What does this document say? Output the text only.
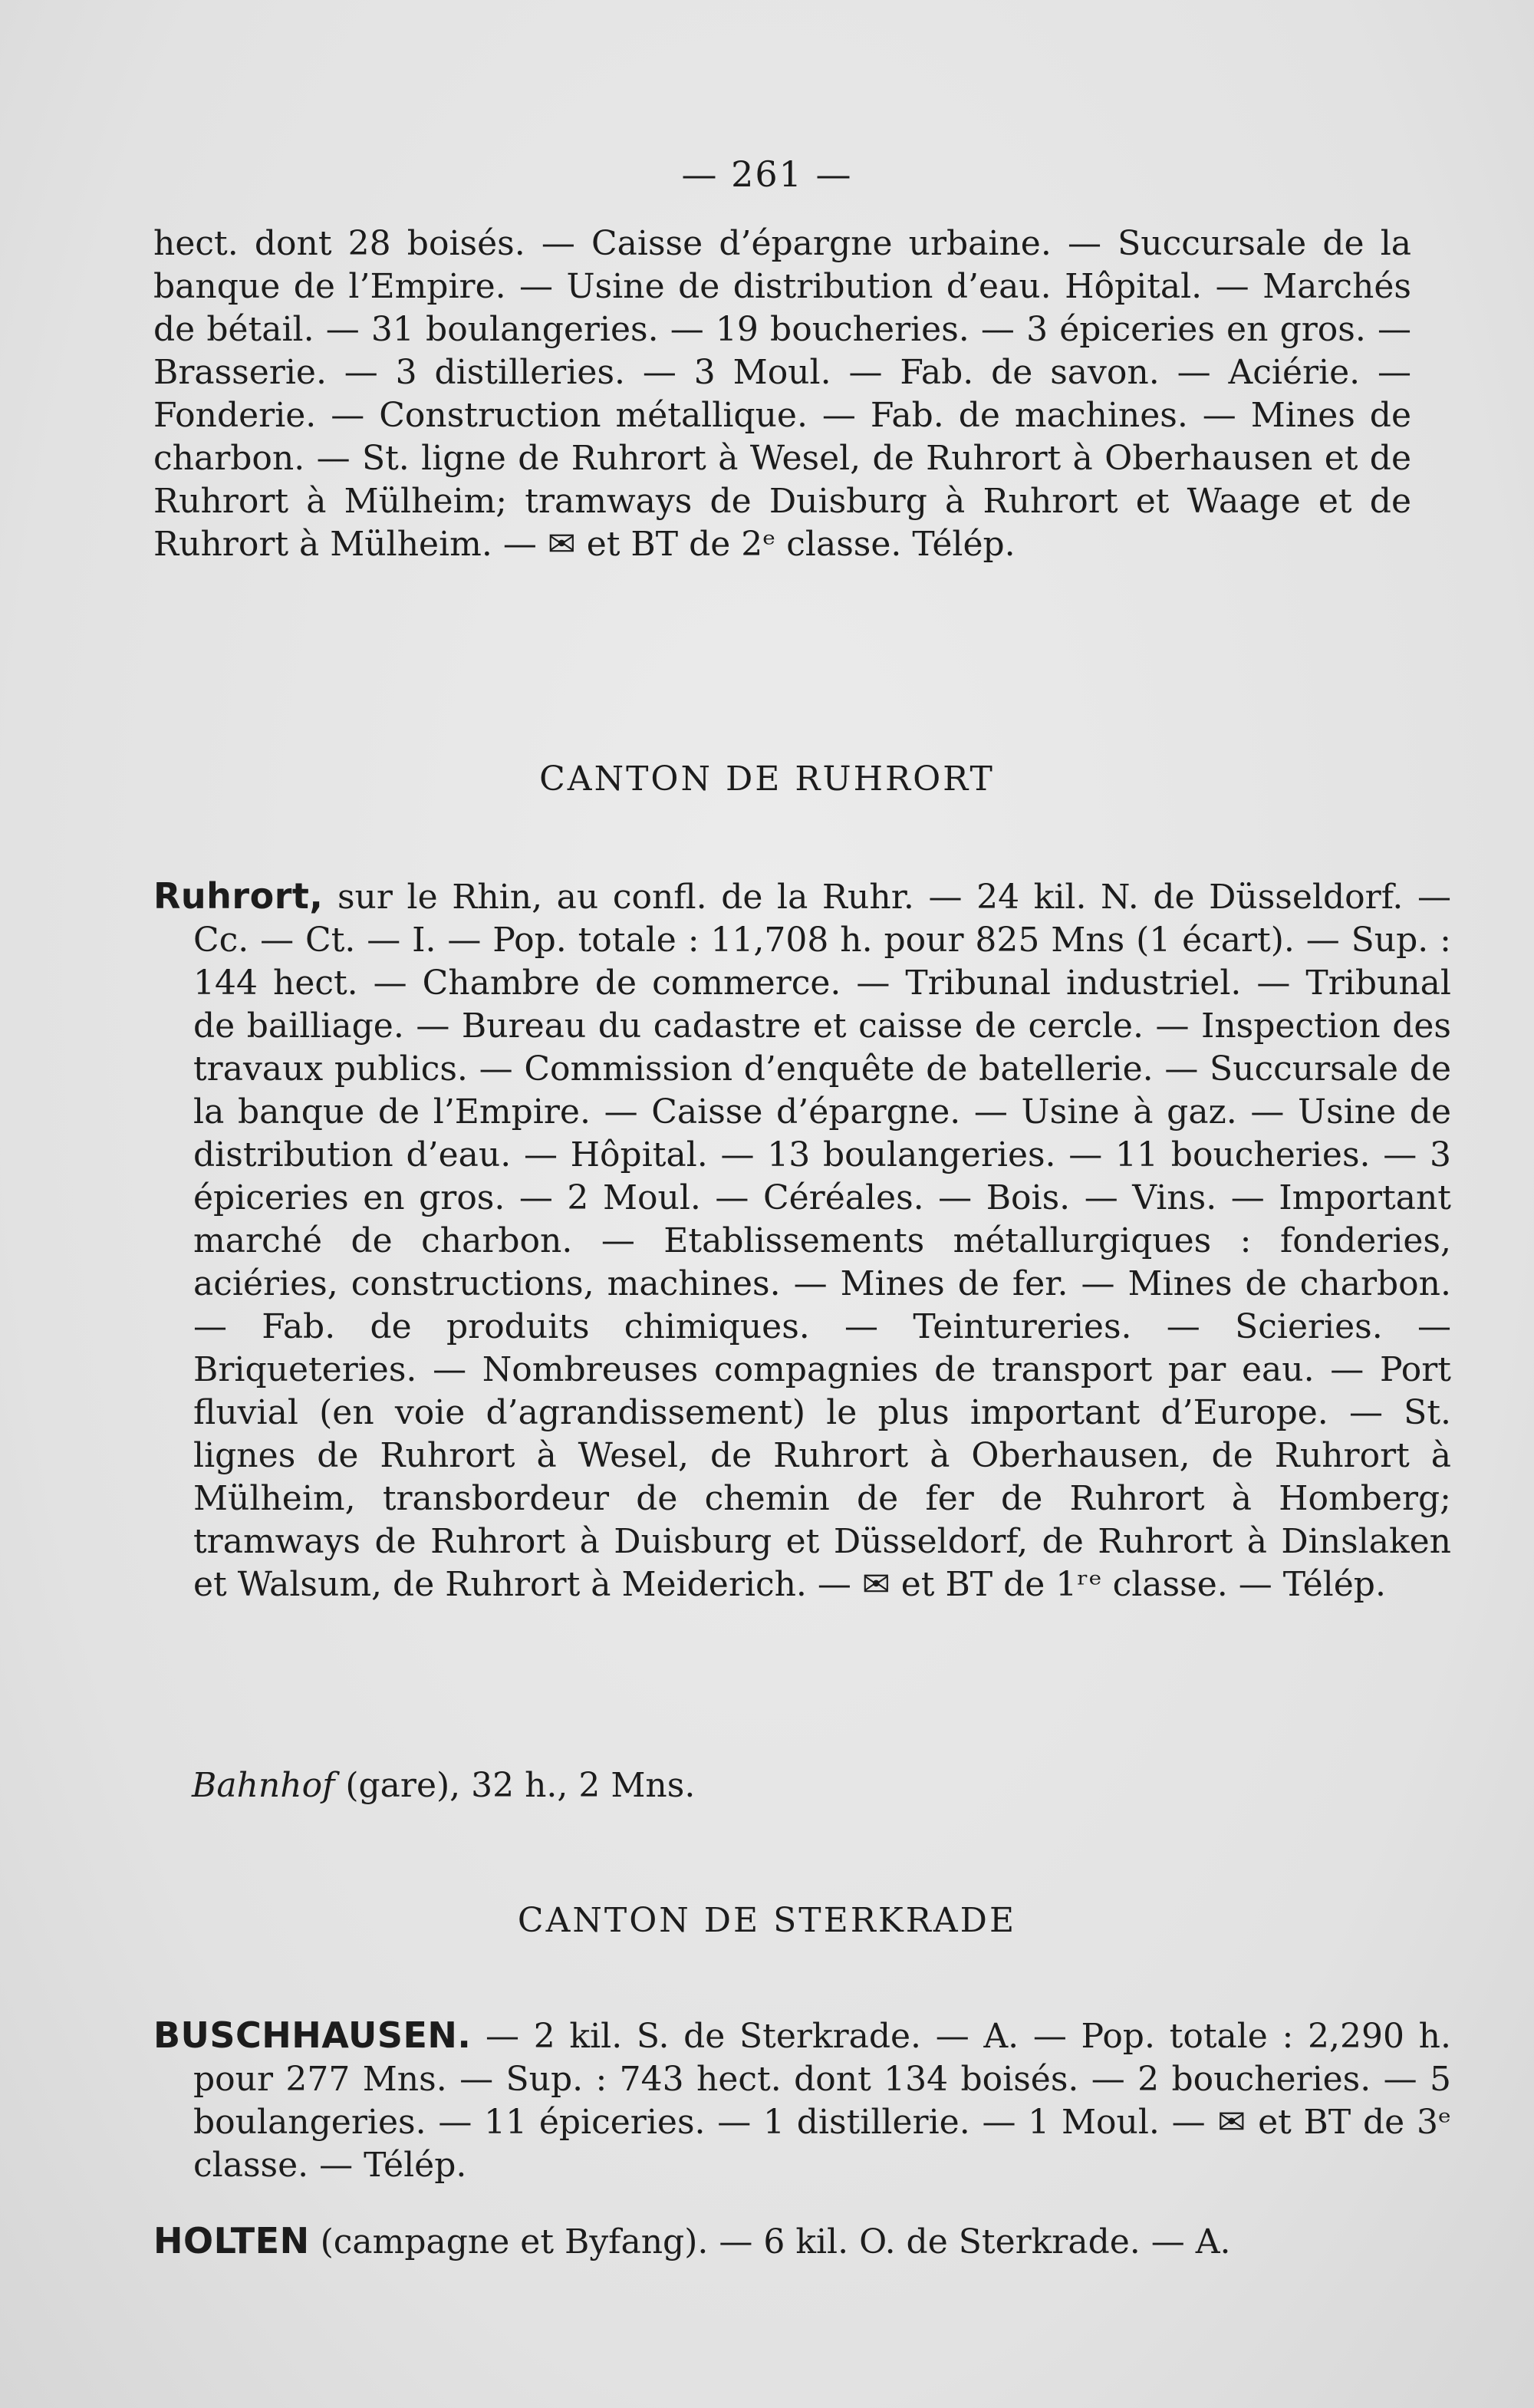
— 261 —
hect. dont 28 boisés. — Caisse d’épargne urbaine. — Succursale de la banque de l’Empire. — Usine de distribution d’eau. Hôpital. — Marchés de bétail. — 31 boulangeries. — 19 boucheries. — 3 épiceries en gros. — Brasserie. — 3 distilleries. — 3 Moul. — Fab. de savon. — Aciérie. — Fonderie. — Construction métallique. — Fab. de machines. — Mines de charbon. — St. ligne de Ruhrort à Wesel, de Ruhrort à Oberhausen et de Ruhrort à Mülheim; tramways de Duisburg à Ruhrort et Waage et de Ruhrort à Mülheim. — ✉ et BT de 2ᵉ classe. Télép.
CANTON DE RUHRORT
Ruhrort, sur le Rhin, au confl. de la Ruhr. — 24 kil. N. de Düsseldorf. — Cc. — Ct. — I. — Pop. totale : 11,708 h. pour 825 Mns (1 écart). — Sup. : 144 hect. — Chambre de commerce. — Tribunal industriel. — Tribunal de bailliage. — Bureau du cadastre et caisse de cercle. — Inspection des travaux publics. — Commission d’enquête de batellerie. — Succursale de la banque de l’Empire. — Caisse d’épargne. — Usine à gaz. — Usine de distribution d’eau. — Hôpital. — 13 boulangeries. — 11 boucheries. — 3 épiceries en gros. — 2 Moul. — Céréales. — Bois. — Vins. — Important marché de charbon. — Etablissements métallurgiques : fonderies, aciéries, constructions, machines. — Mines de fer. — Mines de charbon. — Fab. de produits chimiques. — Teintureries. — Scieries. — Briqueteries. — Nombreuses compagnies de transport par eau. — Port fluvial (en voie d’agrandissement) le plus important d’Europe. — St. lignes de Ruhrort à Wesel, de Ruhrort à Oberhausen, de Ruhrort à Mülheim, transbordeur de chemin de fer de Ruhrort à Homberg; tramways de Ruhrort à Duisburg et Düsseldorf, de Ruhrort à Dinslaken et Walsum, de Ruhrort à Meiderich. — ✉ et BT de 1ʳᵉ classe. — Télép.
Bahnhof (gare), 32 h., 2 Mns.
CANTON DE STERKRADE
BUSCHHAUSEN. — 2 kil. S. de Sterkrade. — A. — Pop. totale : 2,290 h. pour 277 Mns. — Sup. : 743 hect. dont 134 boisés. — 2 boucheries. — 5 boulangeries. — 11 épiceries. — 1 distillerie. — 1 Moul. — ✉ et BT de 3ᵉ classe. — Télép.
HOLTEN (campagne et Byfang). — 6 kil. O. de Sterkrade. — A.
